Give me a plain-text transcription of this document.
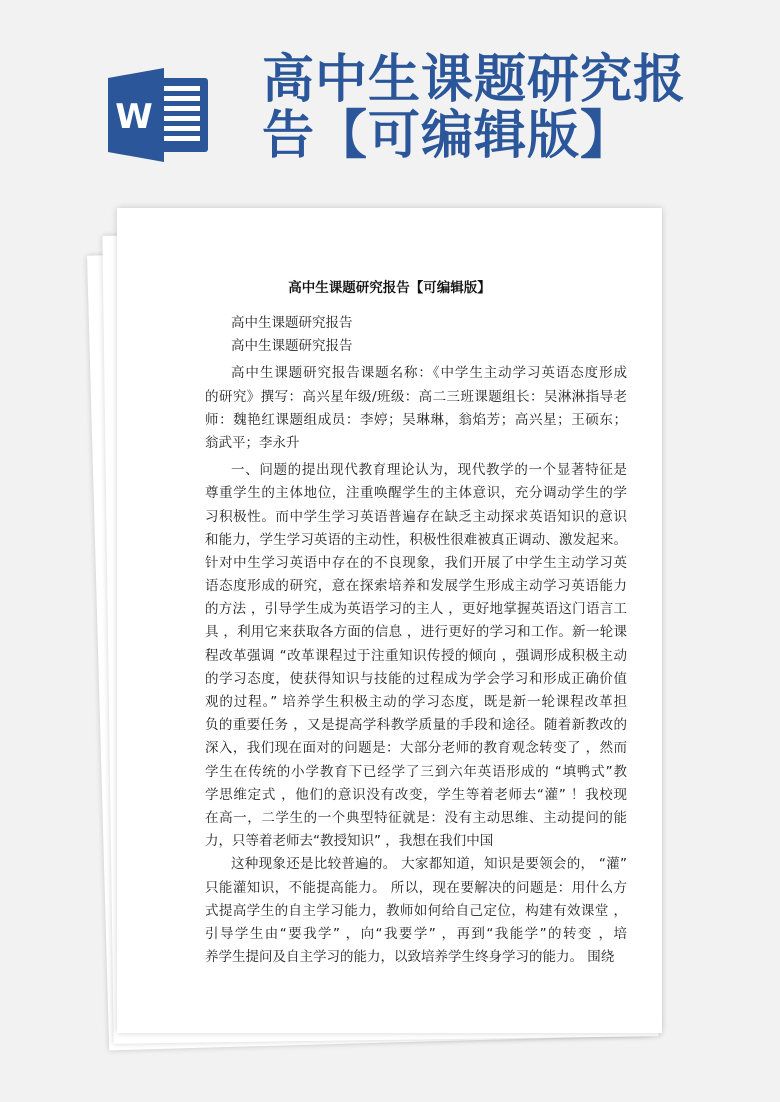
W
高中生课题研究报
告【可编辑版】
高中生课题研究报告【可编辑版】
高中生课题研究报告
高中生课题研究报告
高中生课题研究报告课题名称：《中学生主动学习英语态度形成
的研究》撰写：高兴星年级/班级：高二三班课题组长：吴淋淋指导老
师：魏艳红课题组成员：李婷；吴琳琳，翁焰芳；高兴星；王硕东；
翁武平；李永升
一、问题的提出现代教育理论认为，现代教学的一个显著特征是
尊重学生的主体地位，注重唤醒学生的主体意识，充分调动学生的学
习积极性。而中学生学习英语普遍存在缺乏主动探求英语知识的意识
和能力，学生学习英语的主动性，积极性很难被真正调动、激发起来。
针对中生学习英语中存在的不良现象，我们开展了中学生主动学习英
语态度形成的研究，意在探索培养和发展学生形成主动学习英语能力
的方法 ，引导学生成为英语学习的主人 ，更好地掌握英语这门语言工
具 ，利用它来获取各方面的信息 ，进行更好的学习和工作。新一轮课
程改革强调 “改革课程过于注重知识传授的倾向 ，强调形成积极主动
的学习态度，使获得知识与技能的过程成为学会学习和形成正确价值
观的过程。” 培养学生积极主动的学习态度，既是新一轮课程改革担
负的重要任务 ，又是提高学科教学质量的手段和途径。随着新教改的
深入，我们现在面对的问题是：大部分老师的教育观念转变了 ，然而
学生在传统的小学教育下已经学了三到六年英语形成的 “填鸭式”教
学思维定式 ，他们的意识没有改变，学生等着老师去“灌” ！我校现
在高一，二学生的一个典型特征就是：没有主动思维、主动提问的能
力，只等着老师去“教授知识” ，我想在我们中国
这种现象还是比较普遍的。 大家都知道，知识是要领会的， “灌”
只能灌知识，不能提高能力。 所以，现在要解决的问题是：用什么方
式提高学生的自主学习能力，教师如何给自己定位，构建有效课堂 ，
引导学生由“要我学” ，向“我要学” ，再到“我能学”的转变 ，培
养学生提问及自主学习的能力，以致培养学生终身学习的能力。 围绕
